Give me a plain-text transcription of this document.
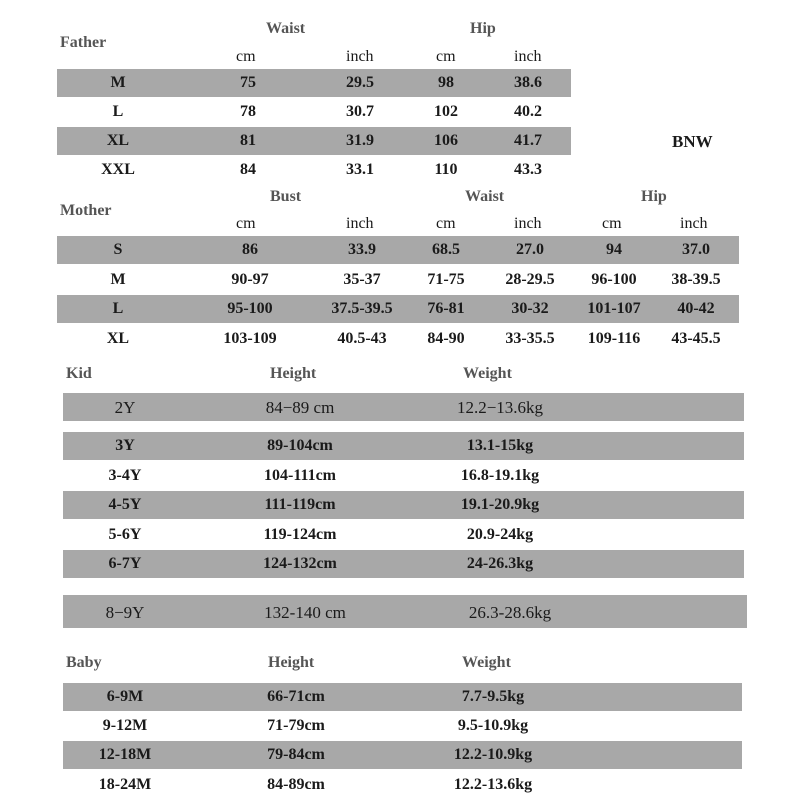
Father
Waist	Hip
cm	inch	cm	inch
M	75	29.5	98	38.6
L	78	30.7	102	40.2
XL	81	31.9	106	41.7
XXL	84	33.1	110	43.3
BNW
Mother
Bust	Waist	Hip
cm	inch	cm	inch	cm	inch
S	86	33.9	68.5	27.0	94	37.0
M	90-97	35-37	71-75	28-29.5	96-100	38-39.5
L	95-100	37.5-39.5	76-81	30-32	101-107	40-42
XL	103-109	40.5-43	84-90	33-35.5	109-116	43-45.5
Kid	Height	Weight
2Y	84−89 cm	12.2−13.6kg
3Y	89-104cm	13.1-15kg
3-4Y	104-111cm	16.8-19.1kg
4-5Y	111-119cm	19.1-20.9kg
5-6Y	119-124cm	20.9-24kg
6-7Y	124-132cm	24-26.3kg
8−9Y	132-140 cm	26.3-28.6kg
Baby	Height	Weight
6-9M	66-71cm	7.7-9.5kg
9-12M	71-79cm	9.5-10.9kg
12-18M	79-84cm	12.2-10.9kg
18-24M	84-89cm	12.2-13.6kg
